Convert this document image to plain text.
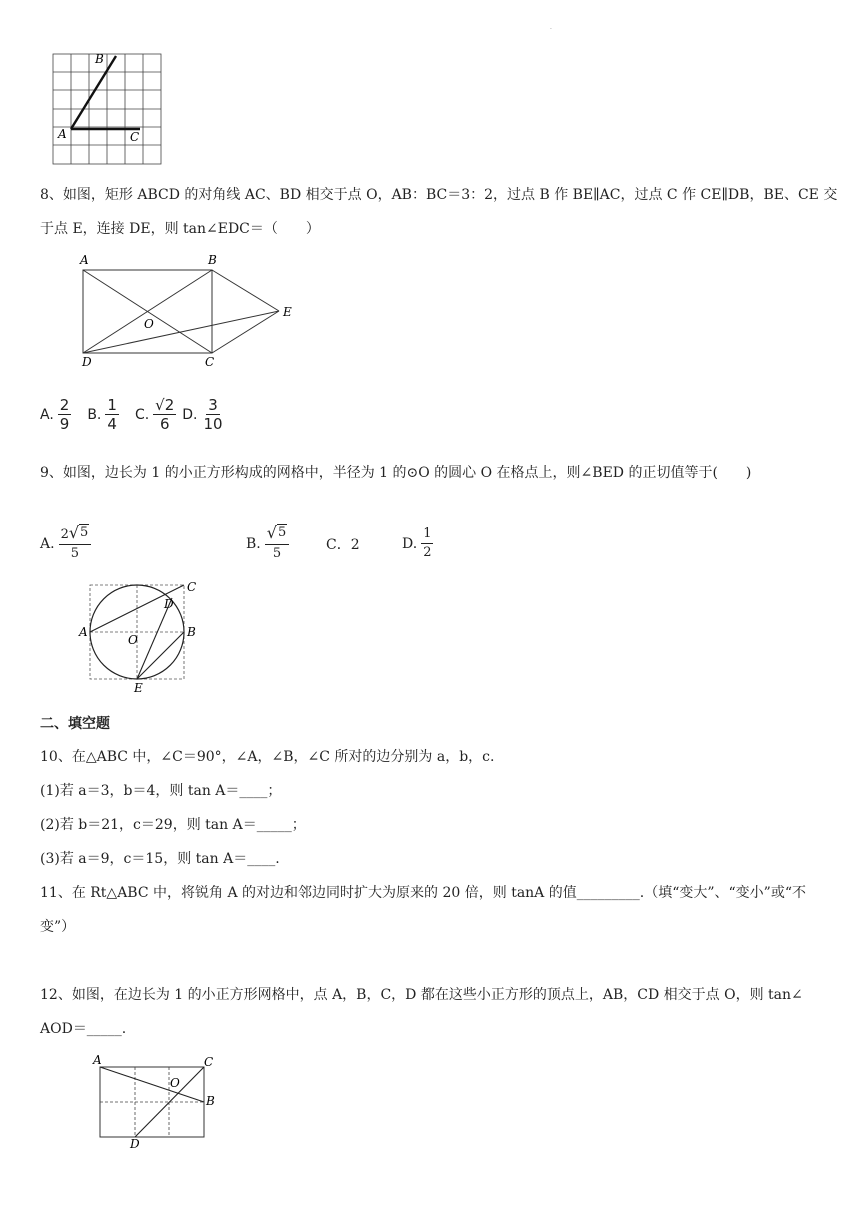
·
A
B
C
8、如图，矩形 ABCD 的对角线 AC、BD 相交于点 O，AB：BC＝3：2，过点 B 作 BE∥AC，过点 C 作 CE∥DB，BE、CE 交
于点 E，连接 DE，则 tan∠EDC＝（　　）
A	B
C
D
E
O
A. $\frac{2}{9} B$. $\frac{1}{4} C$. $\frac{√2}{6} D$. $\frac{3}{10}$
9、如图，边长为 1 的小正方形构成的网格中，半径为 1 的⊙O 的圆心 O 在格点上，则∠BED 的正切值等于(　　)
A. $\frac{2 √ 5}{5}$	B. $\frac{√ 5}{5}$	C．2	D. $\frac{1}{2}$
A	B
C
D
E
O
二、填空题
10、在△ABC 中，∠C＝90°，∠A，∠B，∠C 所对的边分别为 a，b，c.
(1)若 a＝3，b＝4，则 tan A＝____；
(2)若 b＝21，c＝29，则 tan A＝_____；
(3)若 a＝9，c＝15，则 tan A＝____.
11、在 Rt△ABC 中，将锐角 A 的对边和邻边同时扩大为原来的 20 倍，则 tanA 的值_________.（填“变大”、“变小”或“不
变”）
12、如图，在边长为 1 的小正方形网格中，点 A，B，C，D 都在这些小正方形的顶点上，AB，CD 相交于点 O，则 tan∠
AOD＝_____.
A	C
B
D
O
